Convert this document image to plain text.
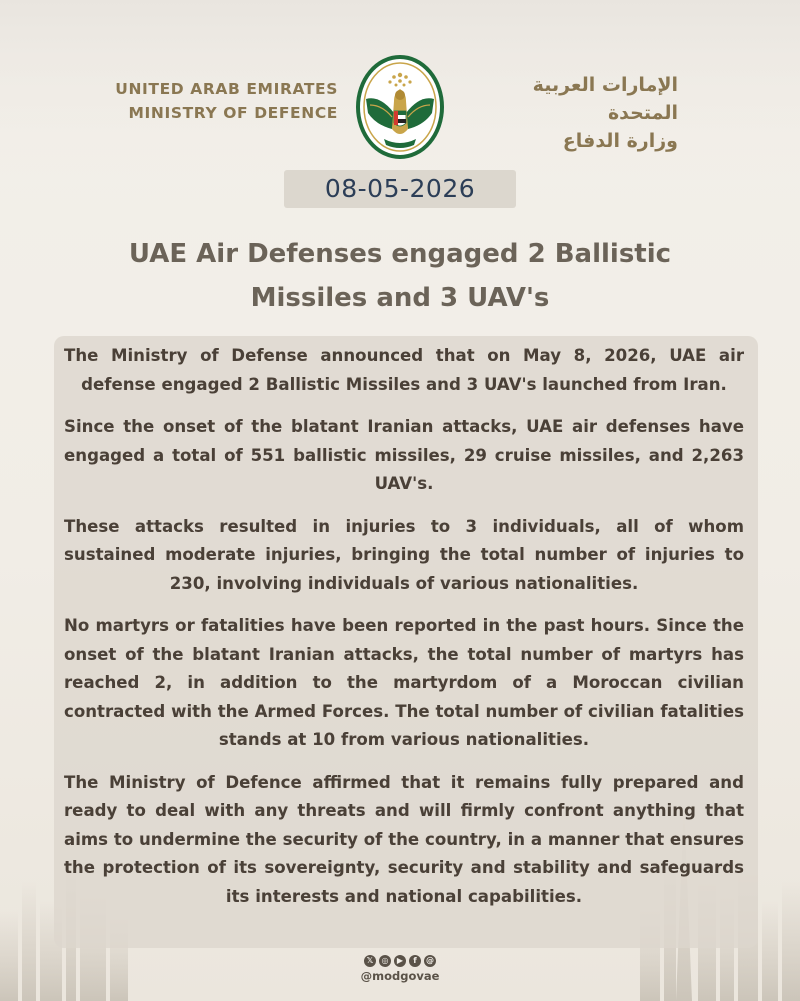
UNITED ARAB EMIRATES
MINISTRY OF DEFENCE
الإمارات العربية المتحدة
وزارة الدفاع
08-05-2026
UAE Air Defenses engaged 2 Ballistic
Missiles and 3 UAV's

The Ministry of Defense announced that on May 8, 2026, UAE air defense engaged 2 Ballistic Missiles and 3 UAV's launched from Iran.

Since the onset of the blatant Iranian attacks, UAE air defenses have engaged a total of 551 ballistic missiles, 29 cruise missiles, and 2,263 UAV's.

These attacks resulted in injuries to 3 individuals, all of whom sustained moderate injuries, bringing the total number of injuries to 230, involving individuals of various nationalities.

No martyrs or fatalities have been reported in the past hours. Since the onset of the blatant Iranian attacks, the total number of martyrs has reached 2, in addition to the martyrdom of a Moroccan civilian contracted with the Armed Forces. The total number of civilian fatalities stands at 10 from various nationalities.

The Ministry of Defence affirmed that it remains fully prepared and ready to deal with any threats and will firmly confront anything that aims to undermine the security of the country, in a manner that ensures the protection of its sovereignty, security and stability and safeguards its interests and national capabilities.

𝕏	◎	▶	f	@
@modgovae
